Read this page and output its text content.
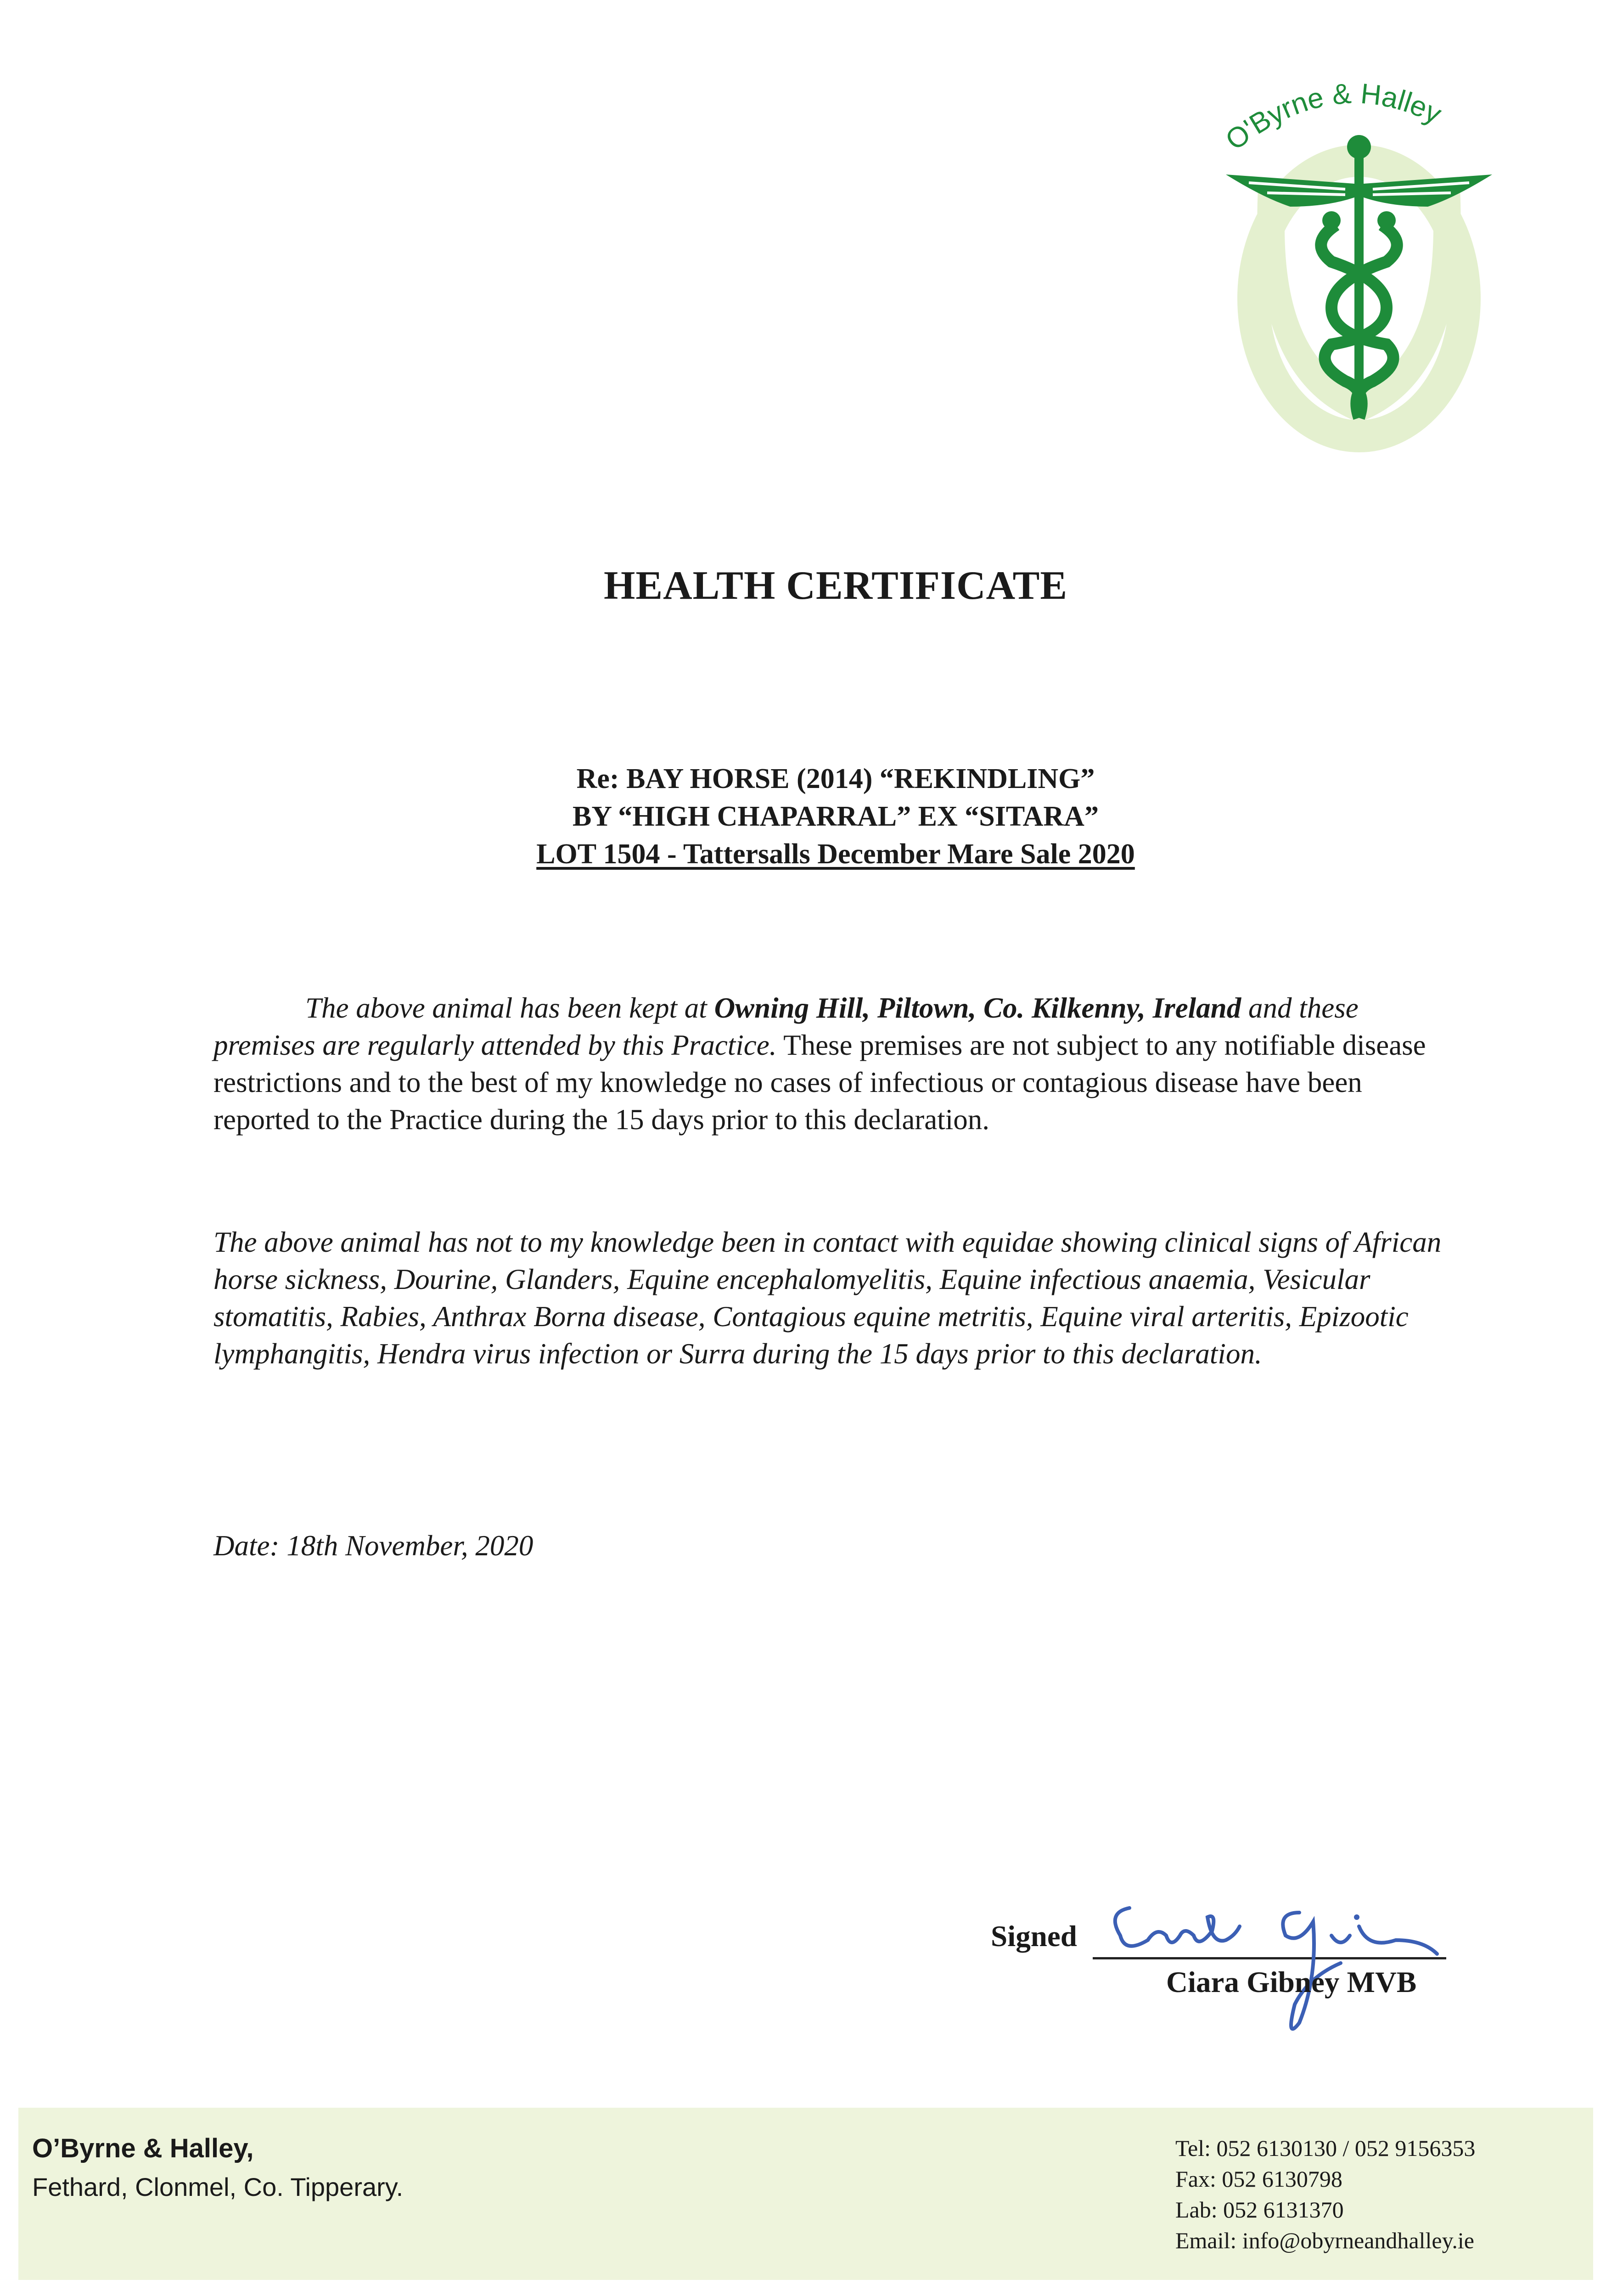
O'Byrne & Halley
HEALTH CERTIFICATE
Re: BAY HORSE (2014) “REKINDLING”
BY “HIGH CHAPARRAL” EX “SITARA”
LOT 1504 - Tattersalls December Mare Sale 2020
The above animal has been kept at Owning Hill, Piltown, Co. Kilkenny, Ireland and these premises are regularly attended by this Practice. These premises are not subject to any notifiable disease restrictions and to the best of my knowledge no cases of infectious or contagious disease have been reported to the Practice during the 15 days prior to this declaration.
The above animal has not to my knowledge been in contact with equidae showing clinical signs of African horse sickness, Dourine, Glanders, Equine encephalomyelitis, Equine infectious anaemia, Vesicular stomatitis, Rabies, Anthrax Borna disease, Contagious equine metritis, Equine viral arteritis, Epizootic lymphangitis, Hendra virus infection or Surra during the 15 days prior to this declaration.
Date: 18th November, 2020
Signed
Ciara Gibney MVB
O’Byrne & Halley,
Fethard, Clonmel, Co. Tipperary.
Tel: 052 6130130 / 052 9156353
Fax: 052 6130798
Lab: 052 6131370
Email: info@obyrneandhalley.ie
